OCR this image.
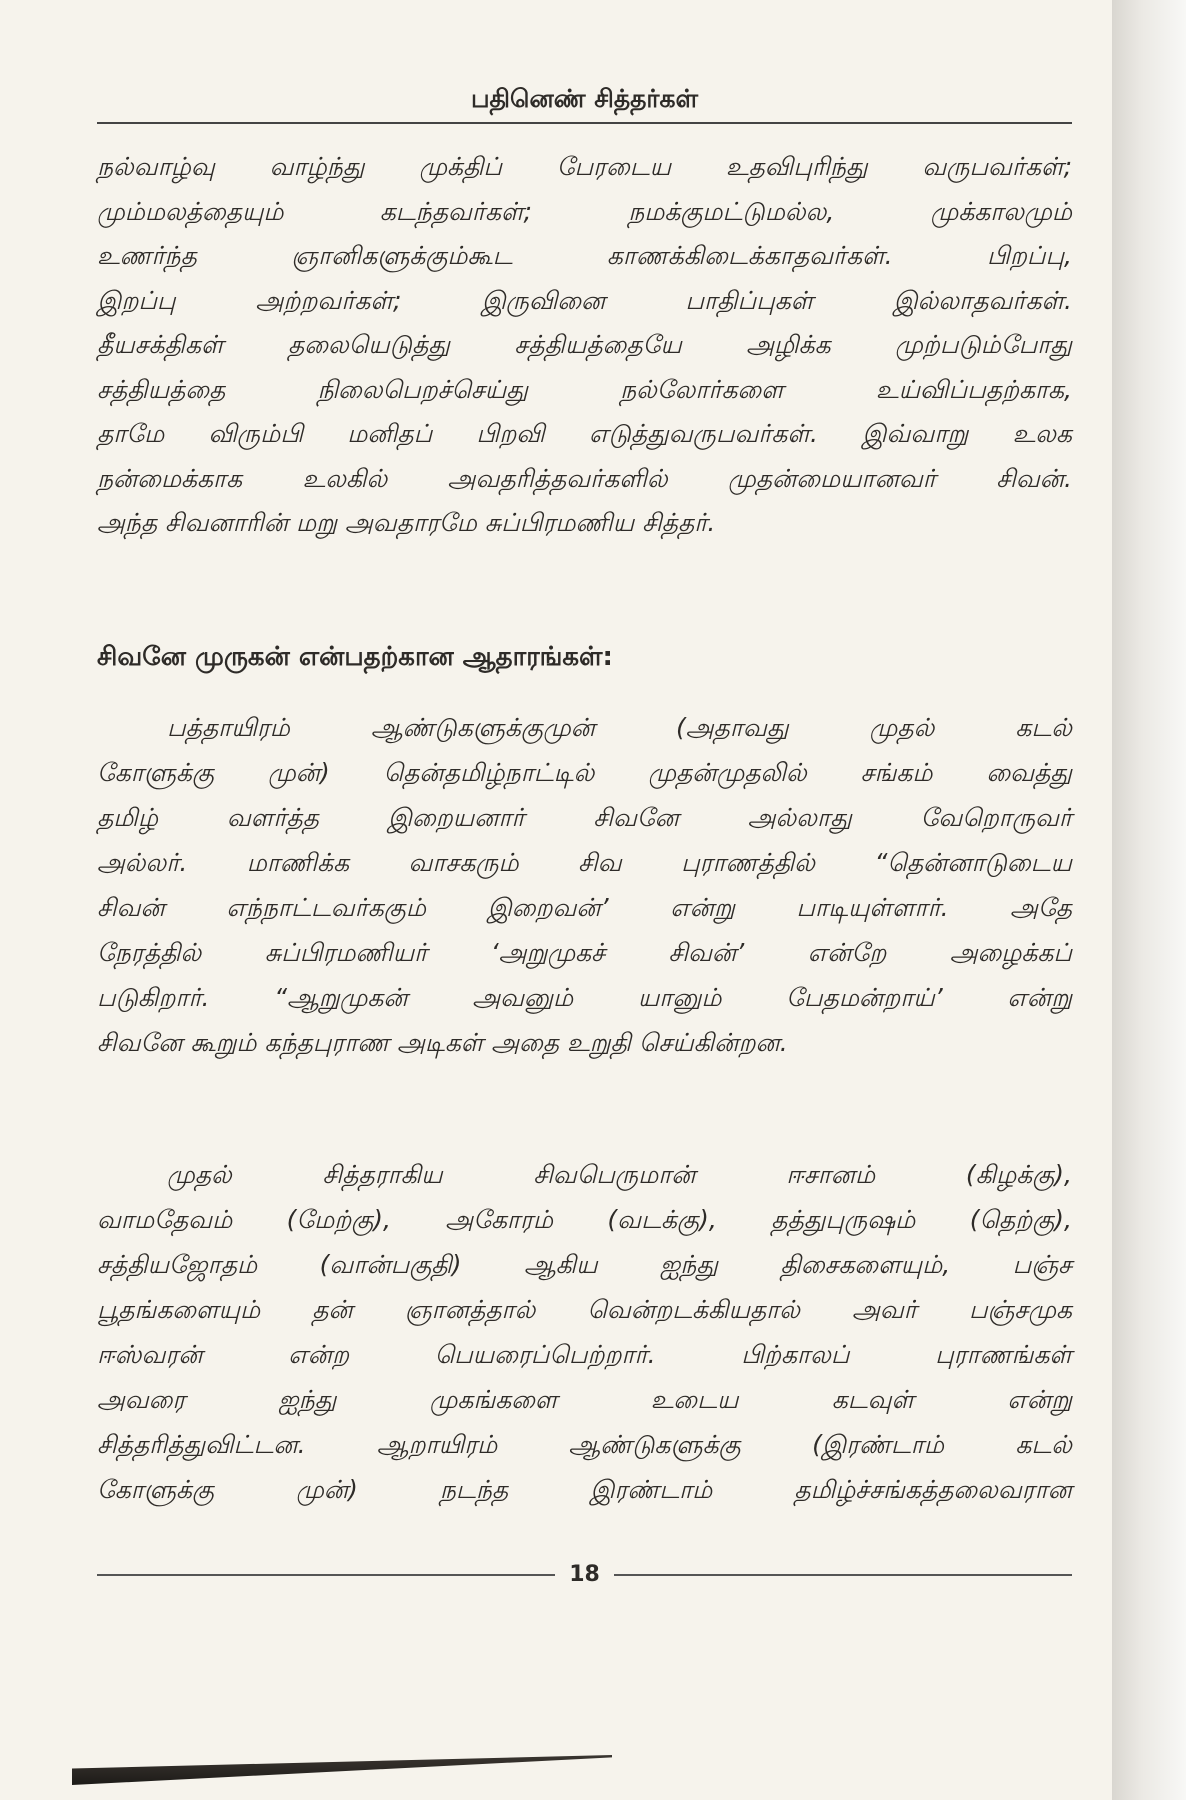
பதினெண் சித்தர்கள்
நல்வாழ்வு வாழ்ந்து முக்திப் பேரடைய உதவிபுரிந்து வருபவர்கள்;
மும்மலத்தையும் கடந்தவர்கள்; நமக்குமட்டுமல்ல, முக்காலமும்
உணர்ந்த ஞானிகளுக்கும்கூட காணக்கிடைக்காதவர்கள். பிறப்பு,
இறப்பு அற்றவர்கள்; இருவினை பாதிப்புகள் இல்லாதவர்கள்.
தீயசக்திகள் தலையெடுத்து சத்தியத்தையே அழிக்க முற்படும்போது
சத்தியத்தை நிலைபெறச்செய்து நல்லோர்களை உய்விப்பதற்காக,
தாமே விரும்பி மனிதப் பிறவி எடுத்துவருபவர்கள். இவ்வாறு உலக
நன்மைக்காக உலகில் அவதரித்தவர்களில் முதன்மையானவர் சிவன்.
அந்த சிவனாரின் மறு அவதாரமே சுப்பிரமணிய சித்தர்.
சிவனே முருகன் என்பதற்கான ஆதாரங்கள்:
பத்தாயிரம் ஆண்டுகளுக்குமுன் (அதாவது முதல் கடல்
கோளுக்கு முன்) தென்தமிழ்நாட்டில் முதன்முதலில் சங்கம் வைத்து
தமிழ் வளர்த்த இறையனார் சிவனே அல்லாது வேறொருவர்
அல்லர். மாணிக்க வாசகரும் சிவ புராணத்தில் “தென்னாடுடைய
சிவன் எந்நாட்டவர்ககும் இறைவன்’ என்று பாடியுள்ளார். அதே
நேரத்தில் சுப்பிரமணியர் ‘அறுமுகச் சிவன்’ என்றே அழைக்கப்
படுகிறார். “ஆறுமுகன் அவனும் யானும் பேதமன்றாய்’ என்று
சிவனே கூறும் கந்தபுராண அடிகள் அதை உறுதி செய்கின்றன.
முதல் சித்தராகிய சிவபெருமான் ஈசானம் (கிழக்கு),
வாமதேவம் (மேற்கு), அகோரம் (வடக்கு), தத்துபுருஷம் (தெற்கு),
சத்தியஜோதம் (வான்பகுதி) ஆகிய ஐந்து திசைகளையும், பஞ்ச
பூதங்களையும் தன் ஞானத்தால் வென்றடக்கியதால் அவர் பஞ்சமுக
ஈஸ்வரன் என்ற பெயரைப்பெற்றார். பிற்காலப் புராணங்கள்
அவரை ஐந்து முகங்களை உடைய கடவுள் என்று
சித்தரித்துவிட்டன. ஆறாயிரம் ஆண்டுகளுக்கு (இரண்டாம் கடல்
கோளுக்கு முன்) நடந்த இரண்டாம் தமிழ்ச்சங்கத்தலைவரான
18
